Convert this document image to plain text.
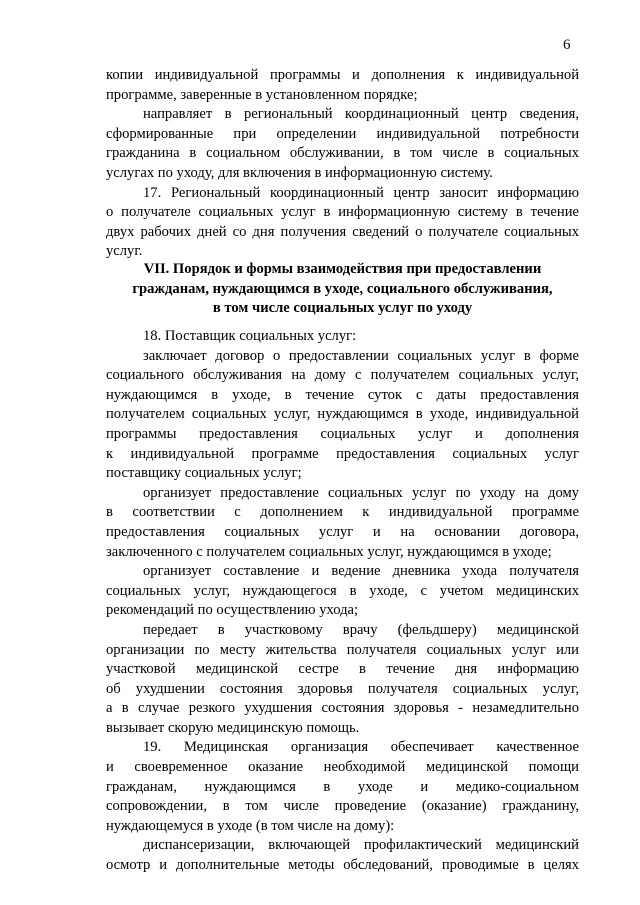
6
копии индивидуальной программы и дополнения к индивидуальной
программе, заверенные в установленном порядке;
направляет в региональный координационный центр сведения,
сформированные при определении индивидуальной потребности
гражданина в социальном обслуживании, в том числе в социальных
услугах по уходу, для включения в информационную систему.
17. Региональный координационный центр заносит информацию
о получателе социальных услуг в информационную систему в течение
двух рабочих дней со дня получения сведений о получателе социальных
услуг.
VII. Порядок и формы взаимодействия при предоставлении
гражданам, нуждающимся в уходе, социального обслуживания,
в том числе социальных услуг по уходу
18. Поставщик социальных услуг:
заключает договор о предоставлении социальных услуг в форме
социального обслуживания на дому с получателем социальных услуг,
нуждающимся в уходе, в течение суток с даты предоставления
получателем социальных услуг, нуждающимся в уходе, индивидуальной
программы предоставления социальных услуг и дополнения
к индивидуальной программе предоставления социальных услуг
поставщику социальных услуг;
организует предоставление социальных услуг по уходу на дому
в соответствии с дополнением к индивидуальной программе
предоставления социальных услуг и на основании договора,
заключенного с получателем социальных услуг, нуждающимся в уходе;
организует составление и ведение дневника ухода получателя
социальных услуг, нуждающегося в уходе, с учетом медицинских
рекомендаций по осуществлению ухода;
передает в участковому врачу (фельдшеру) медицинской
организации по месту жительства получателя социальных услуг или
участковой медицинской сестре в течение дня информацию
об ухудшении состояния здоровья получателя социальных услуг,
а в случае резкого ухудшения состояния здоровья - незамедлительно
вызывает скорую медицинскую помощь.
19. Медицинская организация обеспечивает качественное
и своевременное оказание необходимой медицинской помощи
гражданам, нуждающимся в уходе и медико-социальном
сопровождении, в том числе проведение (оказание) гражданину,
нуждающемуся в уходе (в том числе на дому):
диспансеризации, включающей профилактический медицинский
осмотр и дополнительные методы обследований, проводимые в целях
